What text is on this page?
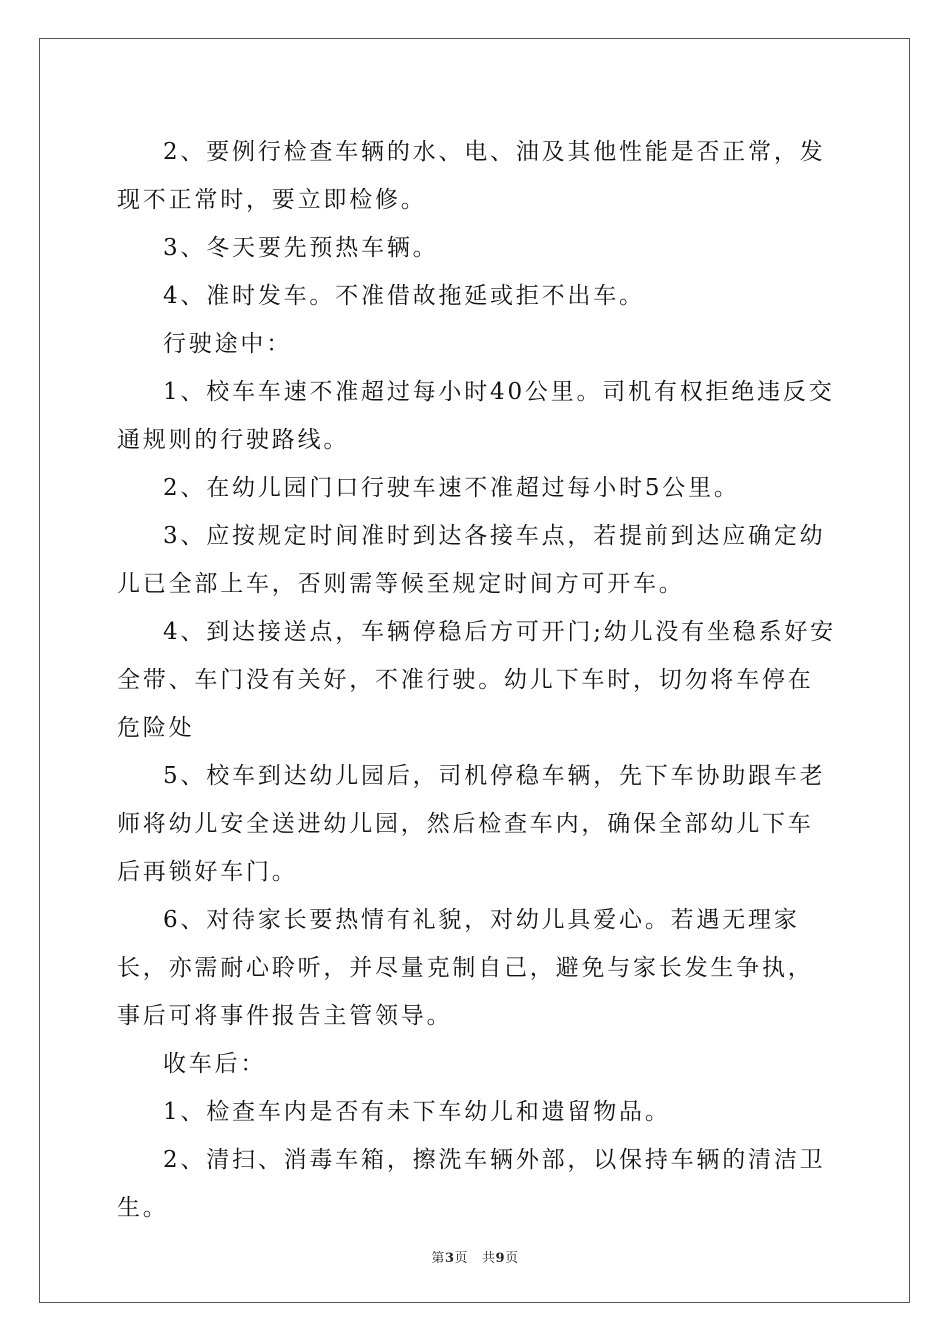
2、要例行检查车辆的水、电、油及其他性能是否正常，发现不正常时，要立即检修。

3、冬天要先预热车辆。

4、准时发车。不准借故拖延或拒不出车。

行驶途中：

1、校车车速不准超过每小时40公里。司机有权拒绝违反交通规则的行驶路线。

2、在幼儿园门口行驶车速不准超过每小时5公里。

3、应按规定时间准时到达各接车点，若提前到达应确定幼儿已全部上车，否则需等候至规定时间方可开车。

4、到达接送点，车辆停稳后方可开门;幼儿没有坐稳系好安全带、车门没有关好，不准行驶。幼儿下车时，切勿将车停在危险处

5、校车到达幼儿园后，司机停稳车辆，先下车协助跟车老师将幼儿安全送进幼儿园，然后检查车内，确保全部幼儿下车后再锁好车门。

6、对待家长要热情有礼貌，对幼儿具爱心。若遇无理家长，亦需耐心聆听，并尽量克制自己，避免与家长发生争执，事后可将事件报告主管领导。

收车后：

1、检查车内是否有未下车幼儿和遗留物品。

2、清扫、消毒车箱，擦洗车辆外部，以保持车辆的清洁卫生。

第3页 共9页
